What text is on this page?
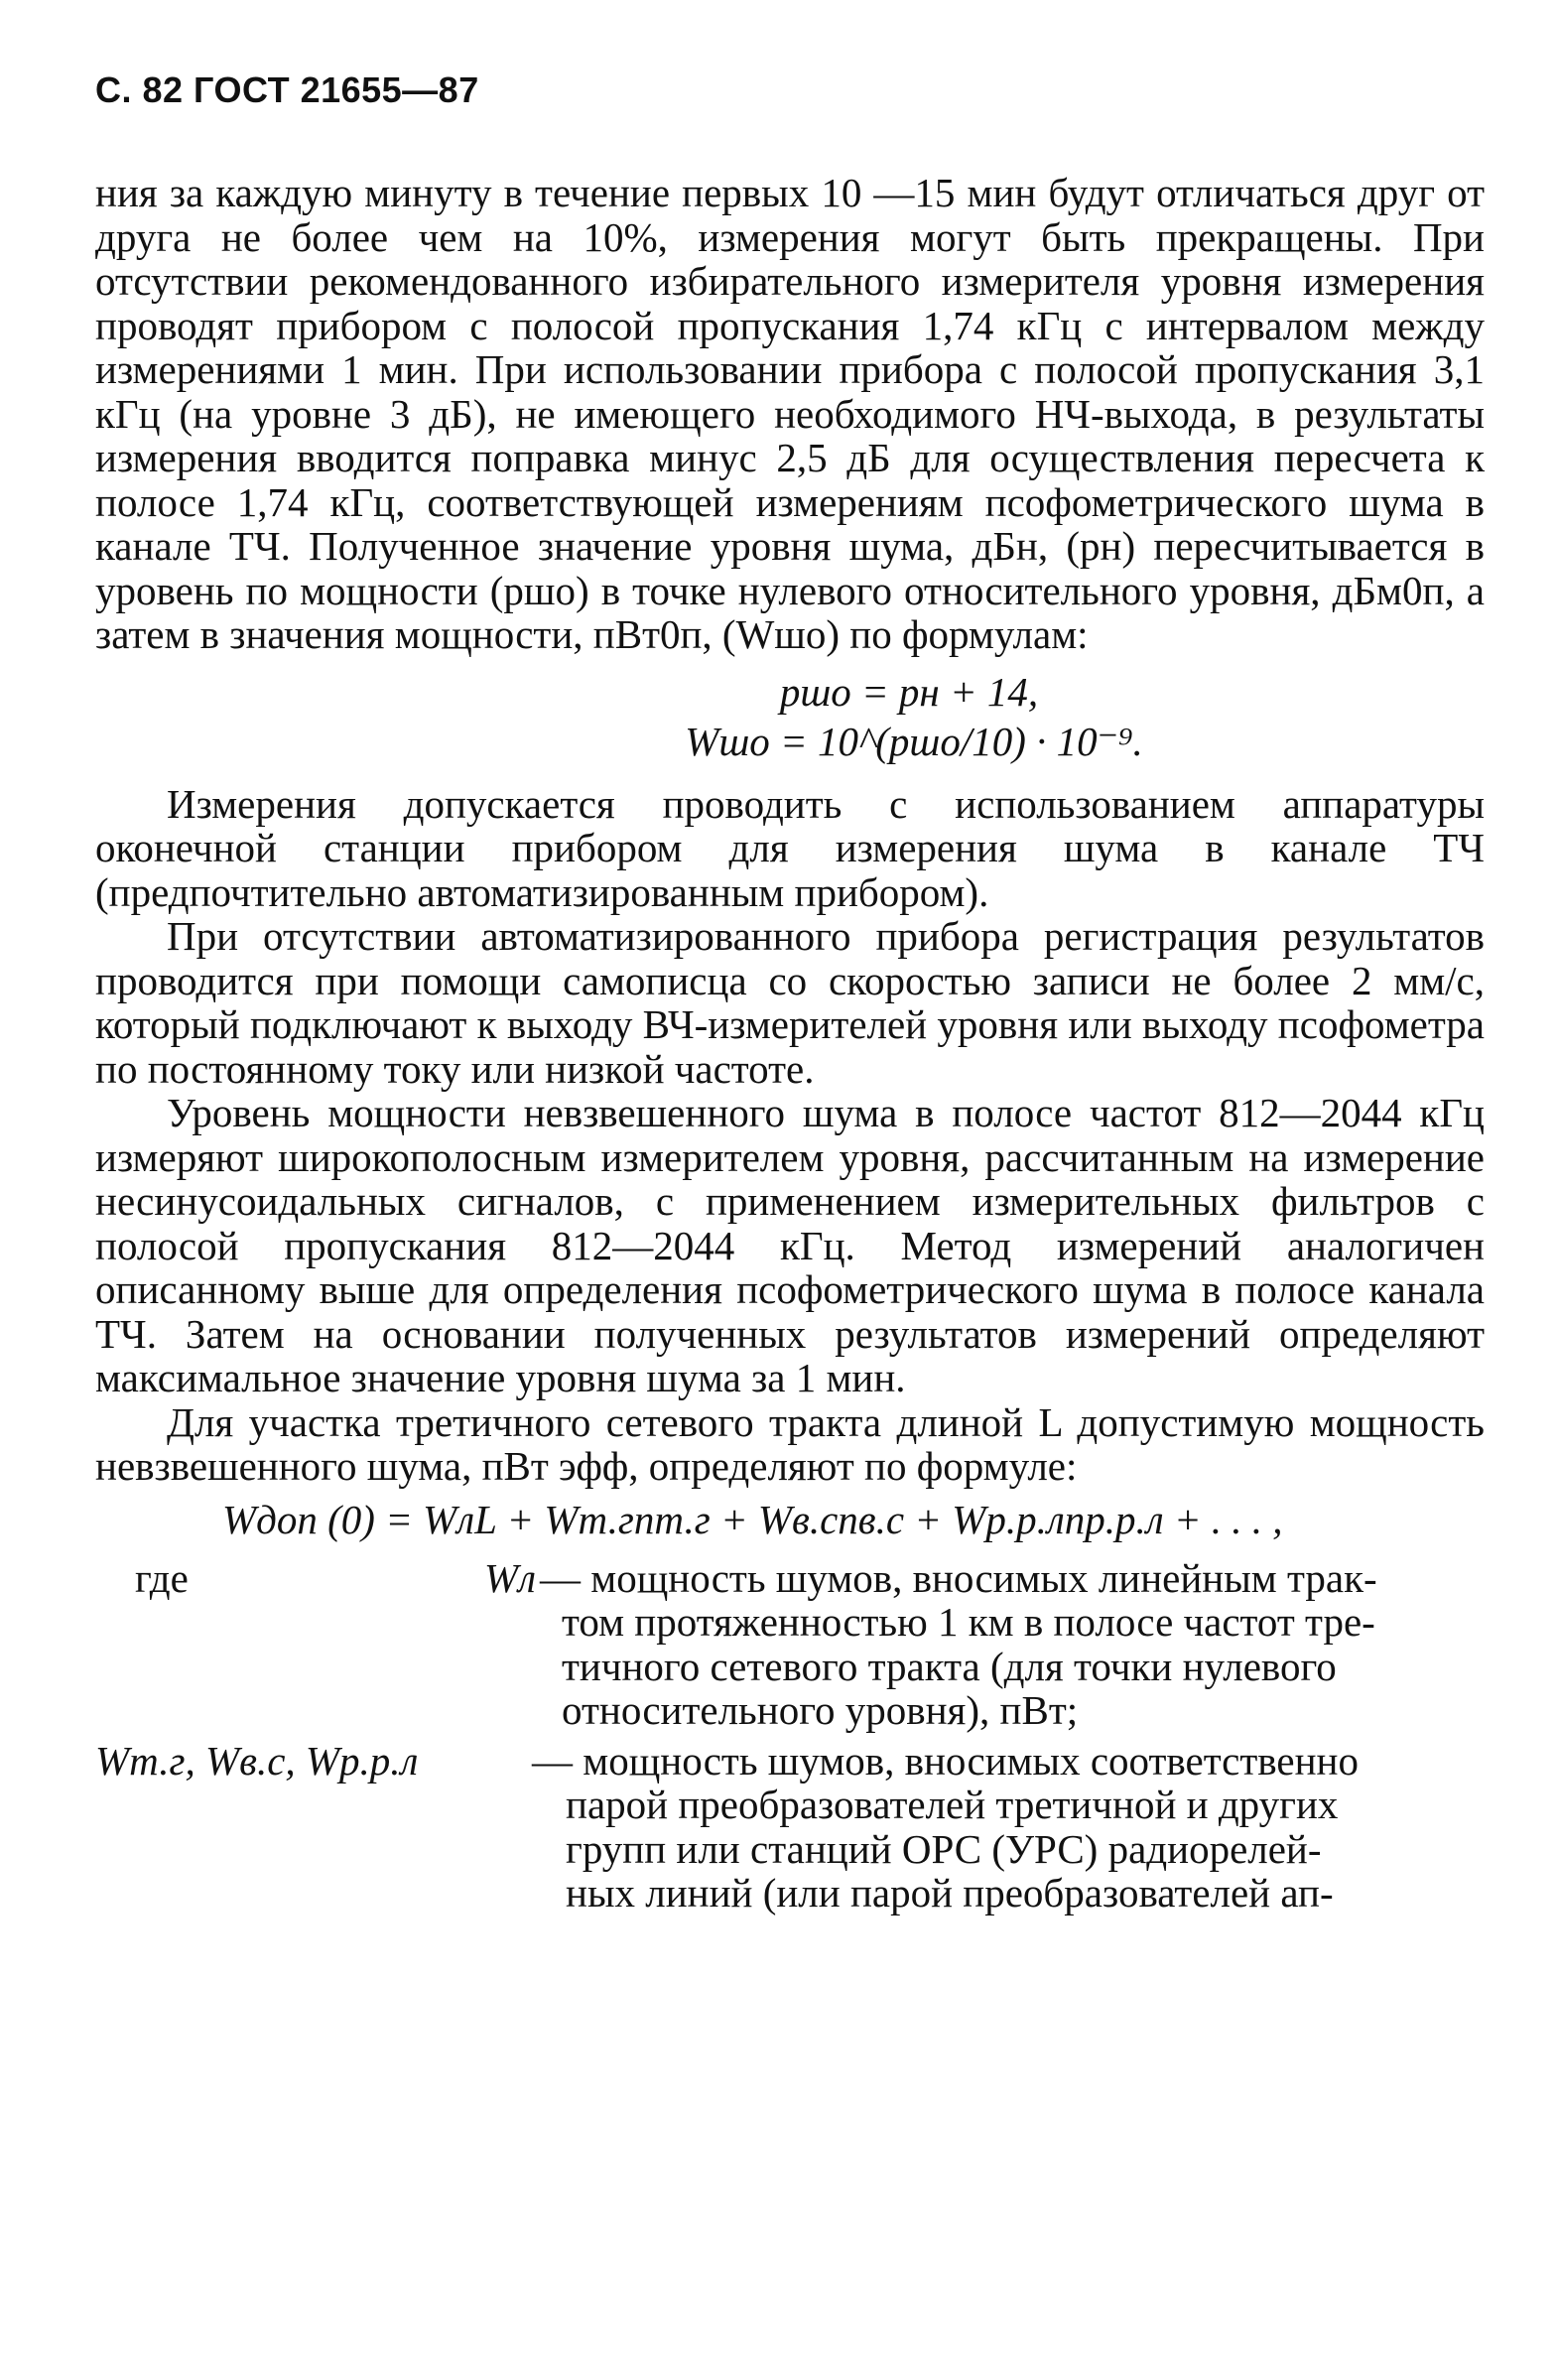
С. 82 ГОСТ 21655—87

ния за каждую минуту в течение первых 10 —15 мин будут отличаться друг от друга не более чем на 10%, измерения могут быть прекращены. При отсутствии рекомендованного избирательного измерителя уровня измерения проводят прибором с полосой пропускания 1,74 кГц с интервалом между измерениями 1 мин. При использовании прибора с полосой пропускания 3,1 кГц (на уровне 3 дБ), не имеющего необходимого НЧ-выхода, в результаты измерения вводится поправка минус 2,5 дБ для осуществления пересчета к полосе 1,74 кГц, соответствующей измерениям псофометрического шума в канале ТЧ. Полученное значение уровня шума, дБн, (pн) пересчитывается в уровень по мощности (pшо) в точке нулевого относительного уровня, дБм0п, а затем в значения мощности, пВт0п, (Wшо) по формулам:

pшо = pн + 14,

Wшо = 10^(pшо/10) · 10⁻⁹.

Измерения допускается проводить с использованием аппаратуры оконечной станции прибором для измерения шума в канале ТЧ (предпочтительно автоматизированным прибором).

При отсутствии автоматизированного прибора регистрация результатов проводится при помощи самописца со скоростью записи не более 2 мм/с, который подключают к выходу ВЧ-измерителей уровня или выходу псофометра по постоянному току или низкой частоте.

Уровень мощности невзвешенного шума в полосе частот 812—2044 кГц измеряют широкополосным измерителем уровня, рассчитанным на измерение несинусоидальных сигналов, с применением измерительных фильтров с полосой пропускания 812—2044 кГц. Метод измерений аналогичен описанному выше для определения псофометрического шума в полосе канала ТЧ. Затем на основании полученных результатов измерений определяют максимальное значение уровня шума за 1 мин.

Для участка третичного сетевого тракта длиной L допустимую мощность невзвешенного шума, пВт эфф, определяют по формуле:

Wдоп (0) = WлL + Wт.гnт.г + Wв.сnв.с + Wр.р.лnр.р.л + . . . ,

где	Wл — мощность шумов, вносимых линейным трак-
том протяженностью 1 км в полосе частот тре-
тичного сетевого тракта (для точки нулевого
относительного уровня), пВт;
Wт.г, Wв.с, Wр.р.л	— мощность шумов, вносимых соответственно
парой преобразователей третичной и других
групп или станций ОРС (УРС) радиорелей-
ных линий (или парой преобразователей ап-
